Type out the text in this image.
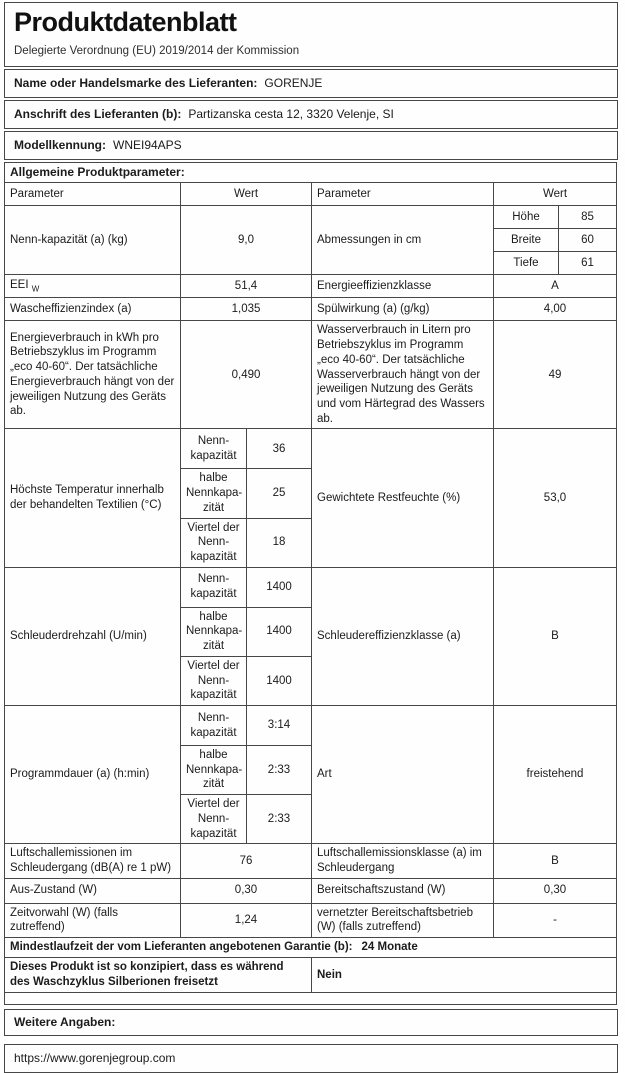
Produktdatenblatt
Delegierte Verordnung (EU) 2019/2014 der Kommission
Name oder Handelsmarke des Lieferanten: GORENJE
Anschrift des Lieferanten (b): Partizanska cesta 12, 3320 Velenje, SI
Modellkennung: WNEI94APS
Allgemeine Produktparameter:					
Parameter	Wert		Parameter	Wert	
Nenn-kapazität (a) (kg)	9,0		Abmessungen in cm	Höhe	85
				Breite	60
				Tiefe	61
EEI $_W$	51,4		Energieeffizienzklasse	A	
Wascheffizienzindex (a)	1,035		Spülwirkung (a) (g/kg)	4,00	
Energieverbrauch in kWh pro Betriebszyklus im Programm „eco 40-60“. Der tatsächliche Energieverbrauch hängt von der jeweiligen Nutzung des Geräts ab.	0,490		Wasserverbrauch in Litern pro Betriebszyklus im Programm „eco 40-60“. Der tatsächliche Wasserverbrauch hängt von der jeweiligen Nutzung des Geräts und vom Härtegrad des Wassers ab.	49	
Höchste Temperatur innerhalb der behandelten Textilien (°C)	Nenn-kapazität	36	Gewichtete Restfeuchte (%)	53,0	
	halbe Nennkapa-zität	25			
	Viertel der Nenn-kapazität	18			
Schleuderdrehzahl (U/min)	Nenn-kapazität	1400	Schleudereffizienzklasse (a)	B	
	halbe Nennkapa-zität	1400			
	Viertel der Nenn-kapazität	1400			
Programmdauer (a) (h:min)	Nenn-kapazität	3:14	Art	freistehend	
	halbe Nennkapa-zität	2:33			
	Viertel der Nenn-kapazität	2:33			
Luftschallemissionen im Schleudergang (dB(A) re 1 pW)	76		Luftschallemissionsklasse (a) im Schleudergang	B	
Aus-Zustand (W)	0,30		Bereitschaftszustand (W)	0,30	
Zeitvorwahl (W) (falls zutreffend)	1,24		vernetzter Bereitschaftsbetrieb (W) (falls zutreffend)	-	
Mindestlaufzeit der vom Lieferanten angebotenen Garantie (b): 24 Monate					
Dieses Produkt ist so konzipiert, dass es während des Waschzyklus Silberionen freisetzt			Nein		

Weitere Angaben:
https://www.gorenjegroup.com
